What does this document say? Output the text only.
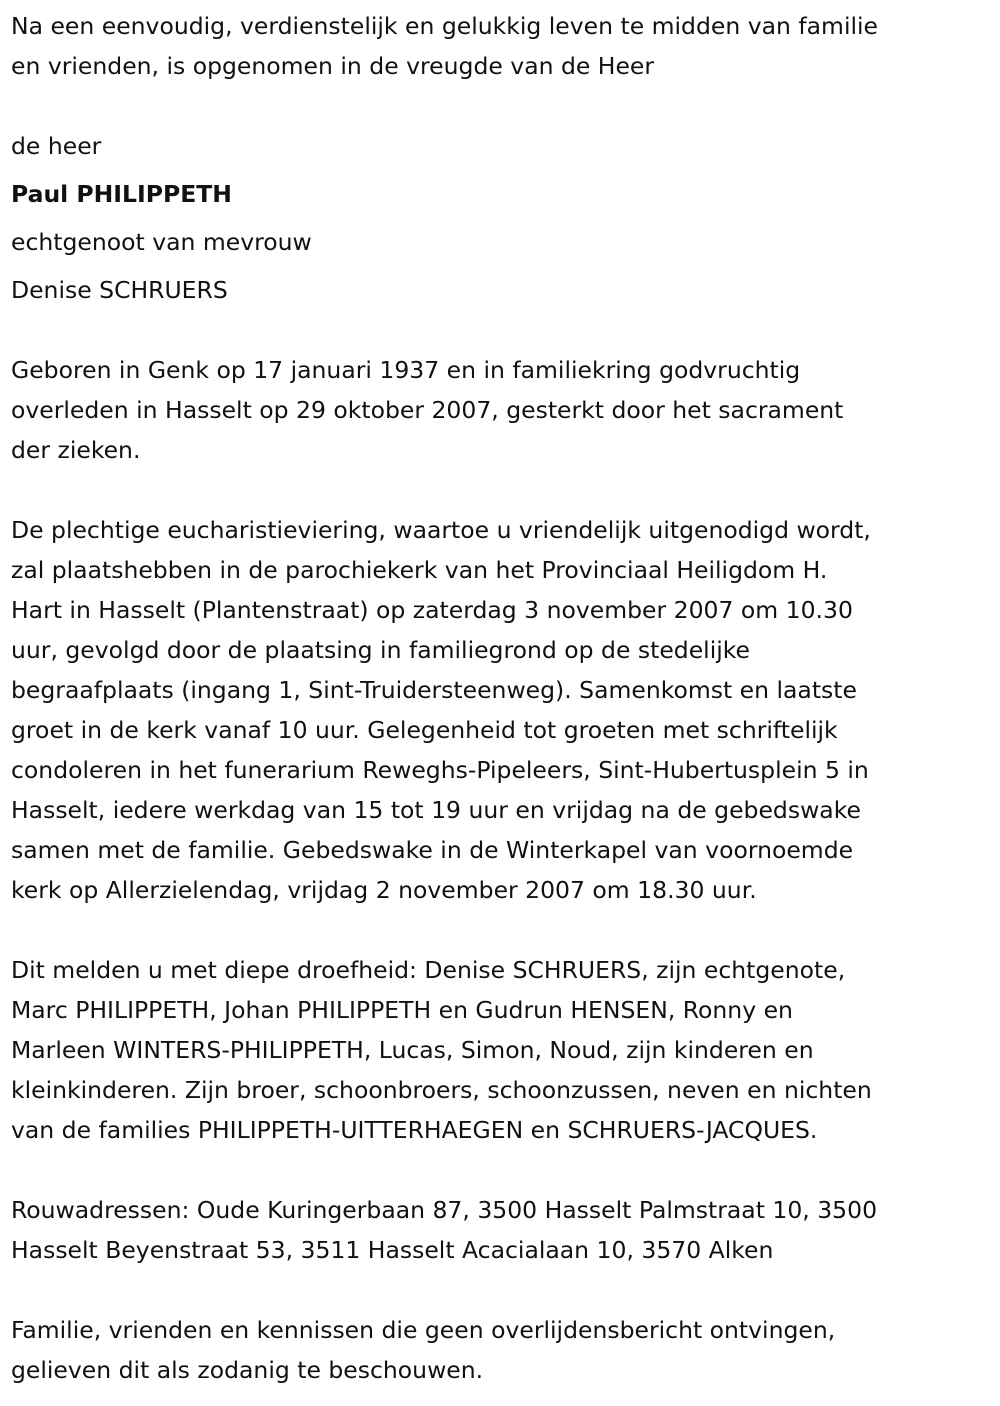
Na een eenvoudig, verdienstelijk en gelukkig leven te midden van familie
en vrienden, is opgenomen in de vreugde van de Heer

de heer

Paul PHILIPPETH

echtgenoot van mevrouw

Denise SCHRUERS

Geboren in Genk op 17 januari 1937 en in familiekring godvruchtig
overleden in Hasselt op 29 oktober 2007, gesterkt door het sacrament
der zieken.

De plechtige eucharistieviering, waartoe u vriendelijk uitgenodigd wordt,
zal plaatshebben in de parochiekerk van het Provinciaal Heiligdom H.
Hart in Hasselt (Plantenstraat) op zaterdag 3 november 2007 om 10.30
uur, gevolgd door de plaatsing in familiegrond op de stedelijke
begraafplaats (ingang 1, Sint-Truidersteenweg). Samenkomst en laatste
groet in de kerk vanaf 10 uur. Gelegenheid tot groeten met schriftelijk
condoleren in het funerarium Reweghs-Pipeleers, Sint-Hubertusplein 5 in
Hasselt, iedere werkdag van 15 tot 19 uur en vrijdag na de gebedswake
samen met de familie. Gebedswake in de Winterkapel van voornoemde
kerk op Allerzielendag, vrijdag 2 november 2007 om 18.30 uur.

Dit melden u met diepe droefheid: Denise SCHRUERS, zijn echtgenote,
Marc PHILIPPETH, Johan PHILIPPETH en Gudrun HENSEN, Ronny en
Marleen WINTERS-PHILIPPETH, Lucas, Simon, Noud, zijn kinderen en
kleinkinderen. Zijn broer, schoonbroers, schoonzussen, neven en nichten
van de families PHILIPPETH-UITTERHAEGEN en SCHRUERS-JACQUES.

Rouwadressen: Oude Kuringerbaan 87, 3500 Hasselt Palmstraat 10, 3500
Hasselt Beyenstraat 53, 3511 Hasselt Acacialaan 10, 3570 Alken

Familie, vrienden en kennissen die geen overlijdensbericht ontvingen,
gelieven dit als zodanig te beschouwen.
